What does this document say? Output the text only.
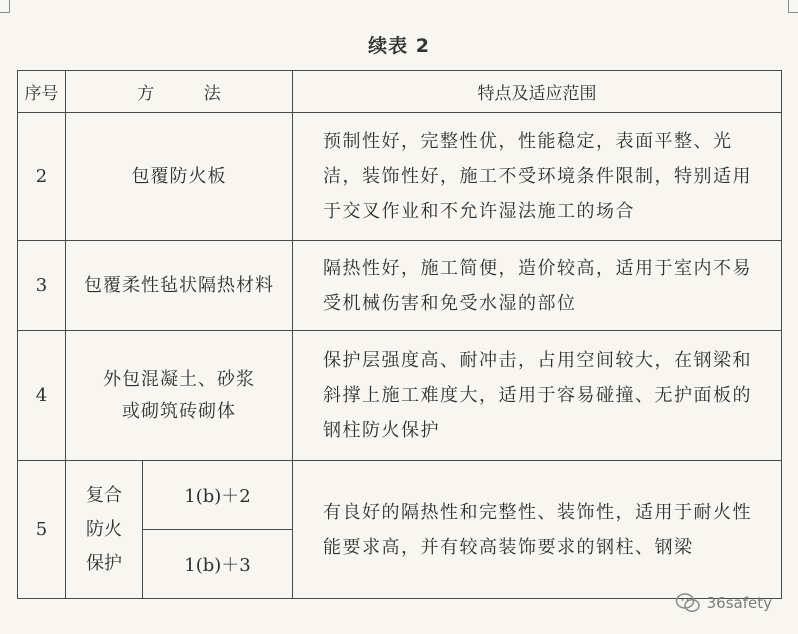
续表 2
序号	方 法		特点及适应范围
2	包覆防火板		预制性好，完整性优，性能稳定，表面平整、光洁，装饰性好，施工不受环境条件限制，特别适用于交叉作业和不允许湿法施工的场合
3	包覆柔性毡状隔热材料		隔热性好，施工简便，造价较高，适用于室内不易受机械伤害和免受水湿的部位
4	外包混凝土、砂浆
或砌筑砖砌体		保护层强度高、耐冲击，占用空间较大，在钢梁和斜撑上施工难度大，适用于容易碰撞、无护面板的钢柱防火保护
5	复合
防火
保护	1(b)＋2	有良好的隔热性和完整性、装饰性，适用于耐火性能要求高，并有较高装饰要求的钢柱、钢梁
		1(b)＋3	
36safety
